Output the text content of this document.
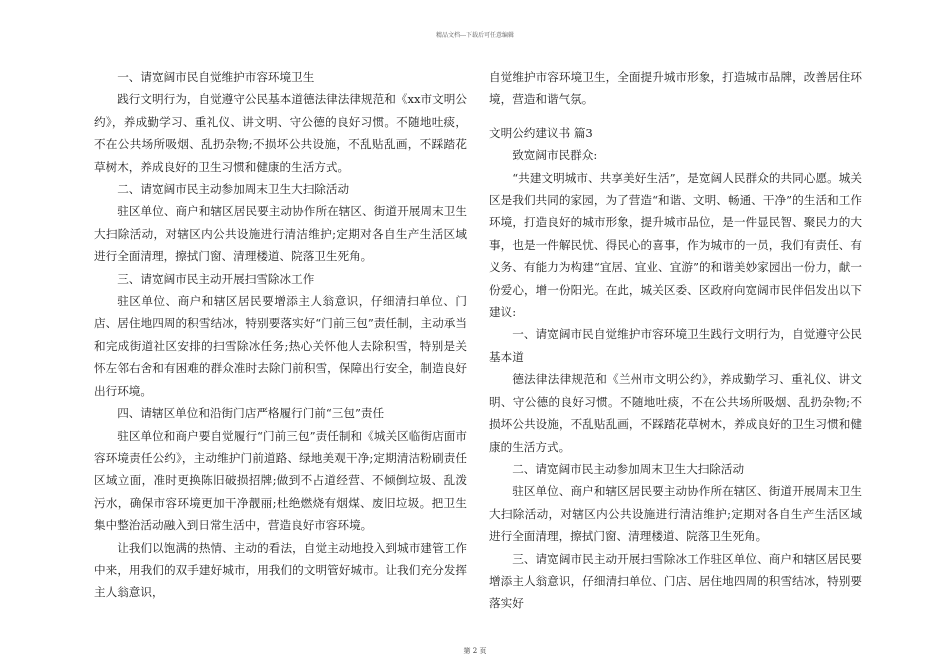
精品文档---下载后可任意编辑

一、请宽阔市民自觉维护市容环境卫生

践行文明行为，自觉遵守公民基本道德法律法律规范和《xx市文明公约》，养成勤学习、重礼仪、讲文明、守公德的良好习惯。不随地吐痰，不在公共场所吸烟、乱扔杂物;不损坏公共设施，不乱贴乱画，不踩踏花草树木，养成良好的卫生习惯和健康的生活方式。

二、请宽阔市民主动参加周末卫生大扫除活动

驻区单位、商户和辖区居民要主动协作所在辖区、街道开展周末卫生大扫除活动，对辖区内公共设施进行清洁维护;定期对各自生产生活区域进行全面清理，擦拭门窗、清理楼道、院落卫生死角。

三、请宽阔市民主动开展扫雪除冰工作

驻区单位、商户和辖区居民要增添主人翁意识，仔细清扫单位、门店、居住地四周的积雪结冰，特别要落实好“门前三包”责任制，主动承当和完成街道社区安排的扫雪除冰任务;热心关怀他人去除积雪，特别是关怀左邻右舍和有困难的群众准时去除门前积雪，保障出行安全，制造良好出行环境。

四、请辖区单位和沿街门店严格履行门前“三包”责任

驻区单位和商户要自觉履行“门前三包”责任制和《城关区临街店面市容环境责任公约》，主动维护门前道路、绿地美观干净;定期清洁粉刷责任区域立面，准时更换陈旧破损招牌;做到不占道经营、不倾倒垃圾、乱泼污水，确保市容环境更加干净靓丽;杜绝燃烧有烟煤、废旧垃圾。把卫生集中整治活动融入到日常生活中，营造良好市容环境。

让我们以饱满的热情、主动的看法，自觉主动地投入到城市建管工作中来，用我们的双手建好城市，用我们的文明管好城市。让我们充分发挥主人翁意识，

自觉维护市容环境卫生，全面提升城市形象，打造城市品牌，改善居住环境，营造和谐气氛。

文明公约建议书 篇3

致宽阔市民群众:

“共建文明城市、共享美好生活”，是宽阔人民群众的共同心愿。城关区是我们共同的家园，为了营造“和谐、文明、畅通、干净”的生活和工作环境，打造良好的城市形象，提升城市品位，是一件显民智、聚民力的大事，也是一件解民忧、得民心的喜事，作为城市的一员，我们有责任、有义务、有能力为构建“宜居、宜业、宜游”的和谐美妙家园出一份力，献一份爱心，增一份阳光。在此，城关区委、区政府向宽阔市民伴侣发出以下建议:

一、请宽阔市民自觉维护市容环境卫生践行文明行为，自觉遵守公民基本道

德法律法律规范和《兰州市文明公约》，养成勤学习、重礼仪、讲文明、守公德的良好习惯。不随地吐痰，不在公共场所吸烟、乱扔杂物;不损坏公共设施，不乱贴乱画，不踩踏花草树木，养成良好的卫生习惯和健康的生活方式。

二、请宽阔市民主动参加周末卫生大扫除活动

驻区单位、商户和辖区居民要主动协作所在辖区、街道开展周末卫生大扫除活动，对辖区内公共设施进行清洁维护;定期对各自生产生活区域进行全面清理，擦拭门窗、清理楼道、院落卫生死角。

三、请宽阔市民主动开展扫雪除冰工作驻区单位、商户和辖区居民要增添主人翁意识，仔细清扫单位、门店、居住地四周的积雪结冰，特别要落实好

第 2 页
